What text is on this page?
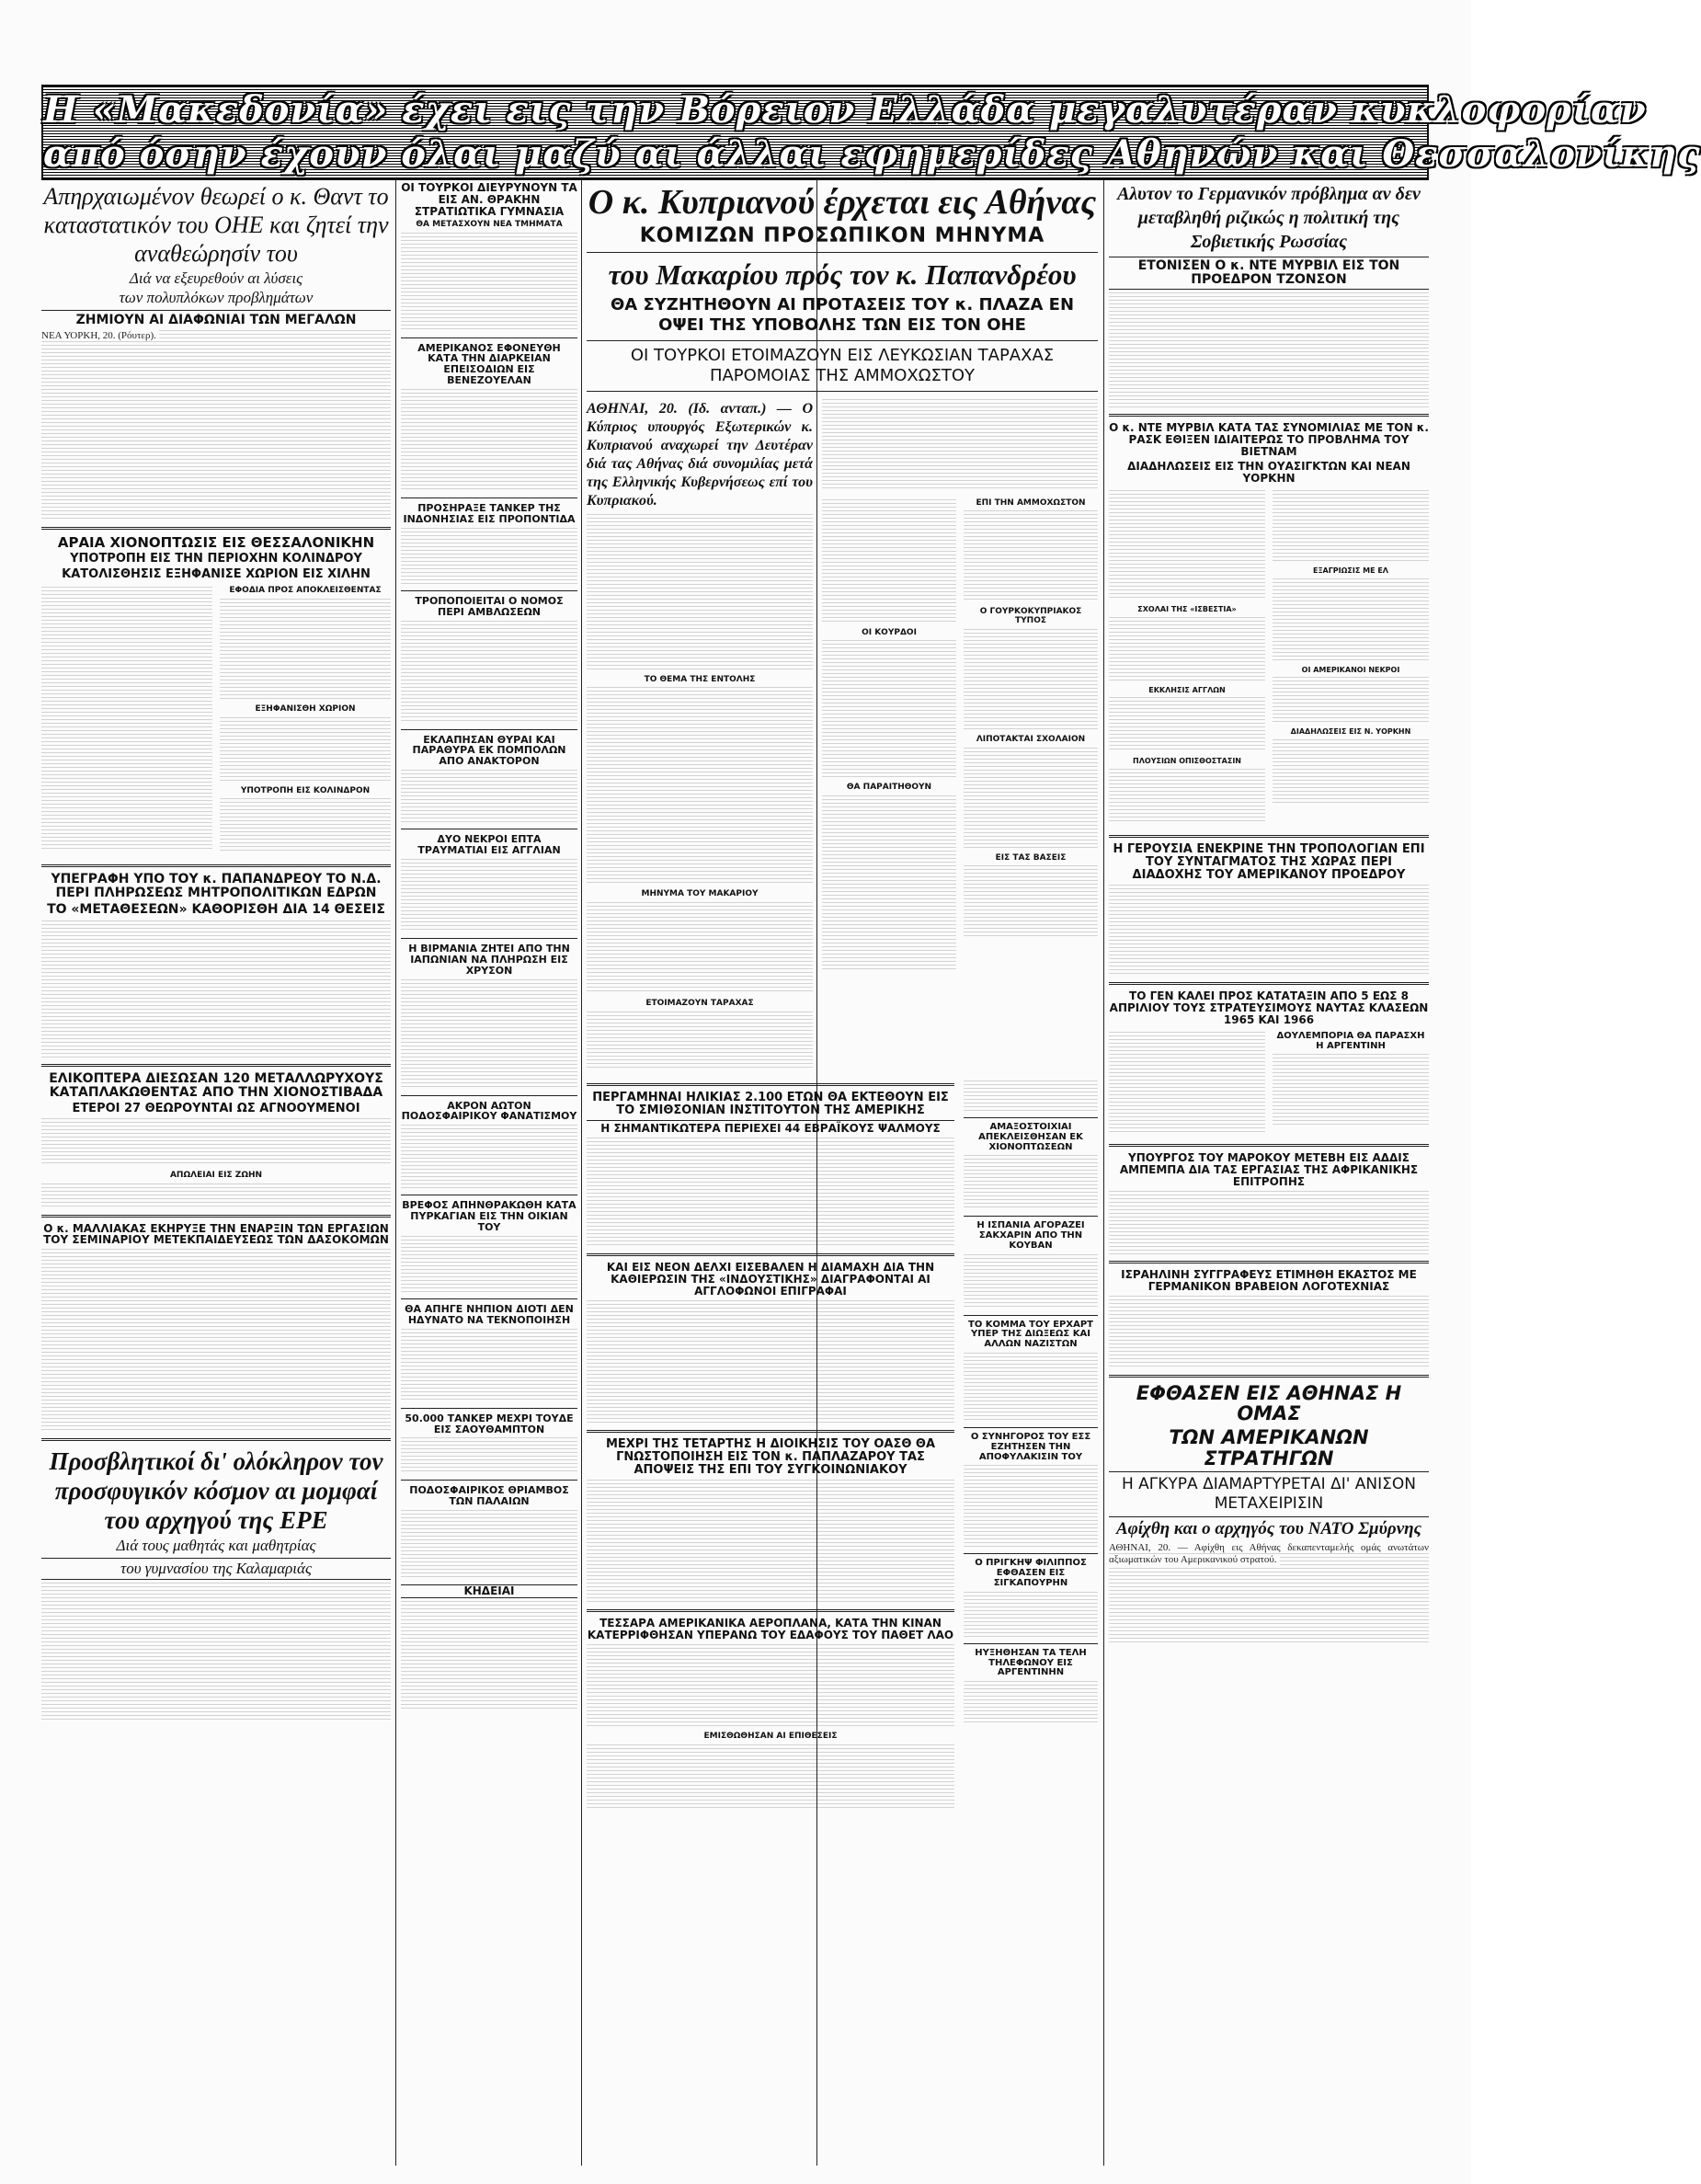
Η «Μακεδονία» έχει εις την Βόρειον Ελλάδα μεγαλυτέραν κυκλοφορίαν
από όσην έχουν όλαι μαζύ αι άλλαι εφημερίδες Αθηνών και Θεσσαλονίκης
Απηρχαιωμένον θεωρεί ο κ. Θαντ το καταστατικόν του ΟΗΕ και ζητεί την αναθεώρησίν του
Διά να εξευρεθούν αι λύσεις
των πολυπλόκων προβλημάτων
ΖΗΜΙΟΥΝ ΑΙ ΔΙΑΦΩΝΙΑΙ ΤΩΝ ΜΕΓΑΛΩΝ
ΝΕΑ ΥΟΡΚΗ, 20. (Ρόυτερ).
ΑΡΑΙΑ ΧΙΟΝΟΠΤΩΣΙΣ ΕΙΣ ΘΕΣΣΑΛΟΝΙΚΗΝ
ΥΠΟΤΡΟΠΗ ΕΙΣ ΤΗΝ ΠΕΡΙΟΧΗΝ ΚΟΛΙΝΔΡΟΥ
ΚΑΤΟΛΙΣΘΗΣΙΣ ΕΞΗΦΑΝΙΣΕ ΧΩΡΙΟΝ ΕΙΣ ΧΙΛΗΝ
ΕΦΟΔΙΑ ΠΡΟΣ ΑΠΟΚΛΕΙΣΘΕΝΤΑΣ
ΕΞΗΦΑΝΙΣΘΗ ΧΩΡΙΟΝ
ΥΠΟΤΡΟΠΗ ΕΙΣ ΚΟΛΙΝΔΡΟΝ
ΥΠΕΓΡΑΦΗ ΥΠΟ ΤΟΥ κ. ΠΑΠΑΝΔΡΕΟΥ ΤΟ Ν.Δ. ΠΕΡΙ ΠΛΗΡΩΣΕΩΣ ΜΗΤΡΟΠΟΛΙΤΙΚΩΝ ΕΔΡΩΝ
ΤΟ «ΜΕΤΑΘΕΣΕΩΝ» ΚΑΘΟΡΙΣΘΗ ΔΙΑ 14 ΘΕΣΕΙΣ
ΕΛΙΚΟΠΤΕΡΑ ΔΙΕΣΩΣΑΝ 120 ΜΕΤΑΛΛΩΡΥΧΟΥΣ ΚΑΤΑΠΛΑΚΩΘΕΝΤΑΣ ΑΠΟ ΤΗΝ ΧΙΟΝΟΣΤΙΒΑΔΑ
ΕΤΕΡΟΙ 27 ΘΕΩΡΟΥΝΤΑΙ ΩΣ ΑΓΝΟΟΥΜΕΝΟΙ
ΑΠΩΛΕΙΑΙ ΕΙΣ ΖΩΗΝ
Ο κ. ΜΑΛΛΙΑΚΑΣ ΕΚΗΡΥΞΕ ΤΗΝ ΕΝΑΡΞΙΝ ΤΩΝ ΕΡΓΑΣΙΩΝ ΤΟΥ ΣΕΜΙΝΑΡΙΟΥ ΜΕΤΕΚΠΑΙΔΕΥΣΕΩΣ ΤΩΝ ΔΑΣΟΚΟΜΩΝ
Προσβλητικοί δι' ολόκληρον τον προσφυγικόν κόσμον αι μομφαί του αρχηγού της ΕΡΕ
Διά τους μαθητάς και μαθητρίας
του γυμνασίου της Καλαμαριάς
ΟΙ ΤΟΥΡΚΟΙ ΔΙΕΥΡΥΝΟΥΝ ΤΑ ΕΙΣ ΑΝ. ΘΡΑΚΗΝ ΣΤΡΑΤΙΩΤΙΚΑ ΓΥΜΝΑΣΙΑ
ΘΑ ΜΕΤΑΣΧΟΥΝ ΝΕΑ ΤΜΗΜΑΤΑ
ΑΜΕΡΙΚΑΝΟΣ ΕΦΟΝΕΥΘΗ ΚΑΤΑ ΤΗΝ ΔΙΑΡΚΕΙΑΝ ΕΠΕΙΣΟΔΙΩΝ ΕΙΣ ΒΕΝΕΖΟΥΕΛΑΝ
ΠΡΟΣΗΡΑΞΕ ΤΑΝΚΕΡ ΤΗΣ ΙΝΔΟΝΗΣΙΑΣ ΕΙΣ ΠΡΟΠΟΝΤΙΔΑ
ΤΡΟΠΟΠΟΙΕΙΤΑΙ Ο ΝΟΜΟΣ ΠΕΡΙ ΑΜΒΛΩΣΕΩΝ
ΕΚΛΑΠΗΣΑΝ ΘΥΡΑΙ ΚΑΙ ΠΑΡΑΘΥΡΑ ΕΚ ΠΟΜΠΟΛΩΝ ΑΠΟ ΑΝΑΚΤΟΡΟΝ
ΔΥΟ ΝΕΚΡΟΙ ΕΠΤΑ ΤΡΑΥΜΑΤΙΑΙ ΕΙΣ ΑΓΓΛΙΑΝ
Η ΒΙΡΜΑΝΙΑ ΖΗΤΕΙ ΑΠΟ ΤΗΝ ΙΑΠΩΝΙΑΝ ΝΑ ΠΛΗΡΩΣΗ ΕΙΣ ΧΡΥΣΟΝ
ΑΚΡΟΝ ΑΩΤΟΝ ΠΟΔΟΣΦΑΙΡΙΚΟΥ ΦΑΝΑΤΙΣΜΟΥ
ΒΡΕΦΟΣ ΑΠΗΝΘΡΑΚΩΘΗ ΚΑΤΑ ΠΥΡΚΑΓΙΑΝ ΕΙΣ ΤΗΝ ΟΙΚΙΑΝ ΤΟΥ
ΘΑ ΑΠΗΓΕ ΝΗΠΙΟΝ ΔΙΟΤΙ ΔΕΝ ΗΔΥΝΑΤΟ ΝΑ ΤΕΚΝΟΠΟΙΗΣΗ
50.000 ΤΑΝΚΕΡ ΜΕΧΡΙ ΤΟΥΔΕ ΕΙΣ ΣΑΟΥΘΑΜΠΤΟΝ
ΠΟΔΟΣΦΑΙΡΙΚΟΣ ΘΡΙΑΜΒΟΣ ΤΩΝ ΠΑΛΑΙΩΝ
ΚΗΔΕΙΑΙ
Ο κ. Κυπριανού έρχεται εις Αθήνας
ΚΟΜΙΖΩΝ ΠΡΟΣΩΠΙΚΟΝ ΜΗΝΥΜΑ
του Μακαρίου πρός τον κ. Παπανδρέου
ΘΑ ΣΥΖΗΤΗΘΟΥΝ ΑΙ ΠΡΟΤΑΣΕΙΣ ΤΟΥ κ. ΠΛΑΖΑ ΕΝ ΟΨΕΙ ΤΗΣ ΥΠΟΒΟΛΗΣ ΤΩΝ ΕΙΣ ΤΟΝ ΟΗΕ
ΟΙ ΤΟΥΡΚΟΙ ΕΤΟΙΜΑΖΟΥΝ ΕΙΣ ΛΕΥΚΩΣΙΑΝ ΤΑΡΑΧΑΣ ΠΑΡΟΜΟΙΑΣ ΤΗΣ ΑΜΜΟΧΩΣΤΟΥ
ΑΘΗΝΑΙ, 20. (Ιδ. ανταπ.) — Ο Κύπριος υπουργός Εξωτερικών κ. Κυπριανού αναχωρεί την Δευτέραν διά τας Αθήνας διά συνομιλίας μετά της Ελληνικής Κυβερνήσεως επί του Κυπριακού.
ΤΟ ΘΕΜΑ ΤΗΣ ΕΝΤΟΛΗΣ
ΜΗΝΥΜΑ ΤΟΥ ΜΑΚΑΡΙΟΥ
ΕΤΟΙΜΑΖΟΥΝ ΤΑΡΑΧΑΣ
ΟΙ ΚΟΥΡΔΟΙ
ΘΑ ΠΑΡΑΙΤΗΘΟΥΝ
ΕΠΙ ΤΗΝ ΑΜΜΟΧΩΣΤΟΝ
Ο ΓΟΥΡΚΟΚΥΠΡΙΑΚΟΣ ΤΥΠΟΣ
ΛΙΠΟΤΑΚΤΑΙ ΣΧΟΛΑΙΟΝ
ΕΙΣ ΤΑΣ ΒΑΣΕΙΣ
ΠΕΡΓΑΜΗΝΑΙ ΗΛΙΚΙΑΣ 2.100 ΕΤΩΝ ΘΑ ΕΚΤΕΘΟΥΝ ΕΙΣ ΤΟ ΣΜΙΘΣΟΝΙΑΝ ΙΝΣΤΙΤΟΥΤΟΝ ΤΗΣ ΑΜΕΡΙΚΗΣ
Η ΣΗΜΑΝΤΙΚΩΤΕΡΑ ΠΕΡΙΕΧΕΙ 44 ΕΒΡΑΪΚΟΥΣ ΨΑΛΜΟΥΣ
ΚΑΙ ΕΙΣ ΝΕΟΝ ΔΕΛΧΙ ΕΙΣΕΒΑΛΕΝ Η ΔΙΑΜΑΧΗ ΔΙΑ ΤΗΝ ΚΑΘΙΕΡΩΣΙΝ ΤΗΣ «ΙΝΔΟΥΣΤΙΚΗΣ» ΔΙΑΓΡΑΦΟΝΤΑΙ ΑΙ ΑΓΓΛΟΦΩΝΟΙ ΕΠΙΓΡΑΦΑΙ
ΜΕΧΡΙ ΤΗΣ ΤΕΤΑΡΤΗΣ Η ΔΙΟΙΚΗΣΙΣ ΤΟΥ ΟΑΣΘ ΘΑ ΓΝΩΣΤΟΠΟΙΗΣΗ ΕΙΣ ΤΟΝ κ. ΠΑΠΛΑΖΑΡΟΥ ΤΑΣ ΑΠΟΨΕΙΣ ΤΗΣ ΕΠΙ ΤΟΥ ΣΥΓΚΟΙΝΩΝΙΑΚΟΥ
ΤΕΣΣΑΡΑ ΑΜΕΡΙΚΑΝΙΚΑ ΑΕΡΟΠΛΑΝΑ, ΚΑΤΑ ΤΗΝ ΚΙΝΑΝ ΚΑΤΕΡΡΙΦΘΗΣΑΝ ΥΠΕΡΑΝΩ ΤΟΥ ΕΔΑΦΟΥΣ ΤΟΥ ΠΑΘΕΤ ΛΑΟ
ΕΜΙΣΘΩΘΗΣΑΝ ΑΙ ΕΠΙΘΕΣΕΙΣ
ΑΜΑΞΟΣΤΟΙΧΙΑΙ ΑΠΕΚΛΕΙΣΘΗΣΑΝ ΕΚ ΧΙΟΝΟΠΤΩΣΕΩΝ
Η ΙΣΠΑΝΙΑ ΑΓΟΡΑΖΕΙ ΣΑΚΧΑΡΙΝ ΑΠΟ ΤΗΝ ΚΟΥΒΑΝ
ΤΟ ΚΟΜΜΑ ΤΟΥ ΕΡΧΑΡΤ ΥΠΕΡ ΤΗΣ ΔΙΩΞΕΩΣ ΚΑΙ ΑΛΛΩΝ ΝΑΖΙΣΤΩΝ
Ο ΣΥΝΗΓΟΡΟΣ ΤΟΥ ΕΣΣ ΕΖΗΤΗΣΕΝ ΤΗΝ ΑΠΟΦΥΛΑΚΙΣΙΝ ΤΟΥ
Ο ΠΡΙΓΚΗΨ ΦΙΛΙΠΠΟΣ ΕΦΘΑΣΕΝ ΕΙΣ ΣΙΓΚΑΠΟΥΡΗΝ
ΗΥΞΗΘΗΣΑΝ ΤΑ ΤΕΛΗ ΤΗΛΕΦΩΝΟΥ ΕΙΣ ΑΡΓΕΝΤΙΝΗΝ
Αλυτον το Γερμανικόν πρόβλημα αν δεν μεταβληθή ριζικώς η πολιτική της Σοβιετικής Ρωσσίας
ΕΤΟΝΙΣΕΝ Ο κ. ΝΤΕ ΜΥΡΒΙΛ ΕΙΣ ΤΟΝ ΠΡΟΕΔΡΟΝ ΤΖΟΝΣΟΝ
Ο κ. ΝΤΕ ΜΥΡΒΙΛ ΚΑΤΑ ΤΑΣ ΣΥΝΟΜΙΛΙΑΣ ΜΕ ΤΟΝ κ. ΡΑΣΚ ΕΘΙΞΕΝ ΙΔΙΑΙΤΕΡΩΣ ΤΟ ΠΡΟΒΛΗΜΑ ΤΟΥ ΒΙΕΤΝΑΜ
ΔΙΑΔΗΛΩΣΕΙΣ ΕΙΣ ΤΗΝ ΟΥΑΣΙΓΚΤΩΝ ΚΑΙ ΝΕΑΝ ΥΟΡΚΗΝ
ΣΧΟΛΑΙ ΤΗΣ «ΙΣΒΕΣΤΙΑ»
ΕΚΚΛΗΣΙΣ ΑΓΓΛΩΝ
ΠΛΟΥΣΙΩΝ ΟΠΙΣΘΟΣΤΑΣΙΝ
ΕΞΑΓΡΙΩΣΙΣ ΜΕ ΕΛ
ΟΙ ΑΜΕΡΙΚΑΝΟΙ ΝΕΚΡΟΙ
ΔΙΑΔΗΛΩΣΕΙΣ ΕΙΣ Ν. ΥΟΡΚΗΝ
Η ΓΕΡΟΥΣΙΑ ΕΝΕΚΡΙΝΕ ΤΗΝ ΤΡΟΠΟΛΟΓΙΑΝ ΕΠΙ ΤΟΥ ΣΥΝΤΑΓΜΑΤΟΣ ΤΗΣ ΧΩΡΑΣ ΠΕΡΙ ΔΙΑΔΟΧΗΣ ΤΟΥ ΑΜΕΡΙΚΑΝΟΥ ΠΡΟΕΔΡΟΥ
ΤΟ ΓΕΝ ΚΑΛΕΙ ΠΡΟΣ ΚΑΤΑΤΑΞΙΝ ΑΠΟ 5 ΕΩΣ 8 ΑΠΡΙΛΙΟΥ ΤΟΥΣ ΣΤΡΑΤΕΥΣΙΜΟΥΣ ΝΑΥΤΑΣ ΚΛΑΣΕΩΝ 1965 ΚΑΙ 1966
ΔΟΥΛΕΜΠΟΡΙΑ ΘΑ ΠΑΡΑΣΧΗ Η ΑΡΓΕΝΤΙΝΗ
ΥΠΟΥΡΓΟΣ ΤΟΥ ΜΑΡΟΚΟΥ ΜΕΤΕΒΗ ΕΙΣ ΑΔΔΙΣ ΑΜΠΕΜΠΑ ΔΙΑ ΤΑΣ ΕΡΓΑΣΙΑΣ ΤΗΣ ΑΦΡΙΚΑΝΙΚΗΣ ΕΠΙΤΡΟΠΗΣ
ΙΣΡΑΗΛΙΝΗ ΣΥΓΓΡΑΦΕΥΣ ΕΤΙΜΗΘΗ ΕΚΑΣΤΟΣ ΜΕ ΓΕΡΜΑΝΙΚΟΝ ΒΡΑΒΕΙΟΝ ΛΟΓΟΤΕΧΝΙΑΣ
ΕΦΘΑΣΕΝ ΕΙΣ ΑΘΗΝΑΣ Η ΟΜΑΣ
ΤΩΝ ΑΜΕΡΙΚΑΝΩΝ ΣΤΡΑΤΗΓΩΝ
Η ΑΓΚΥΡΑ ΔΙΑΜΑΡΤΥΡΕΤΑΙ ΔΙ' ΑΝΙΣΟΝ ΜΕΤΑΧΕΙΡΙΣΙΝ
Αφίχθη και ο αρχηγός του ΝΑΤΟ Σμύρνης
ΑΘΗΝΑΙ, 20. — Αφίχθη εις Αθήνας δεκαπενταμελής ομάς ανωτάτων αξιωματικών του Αμερικανικού στρατού.
